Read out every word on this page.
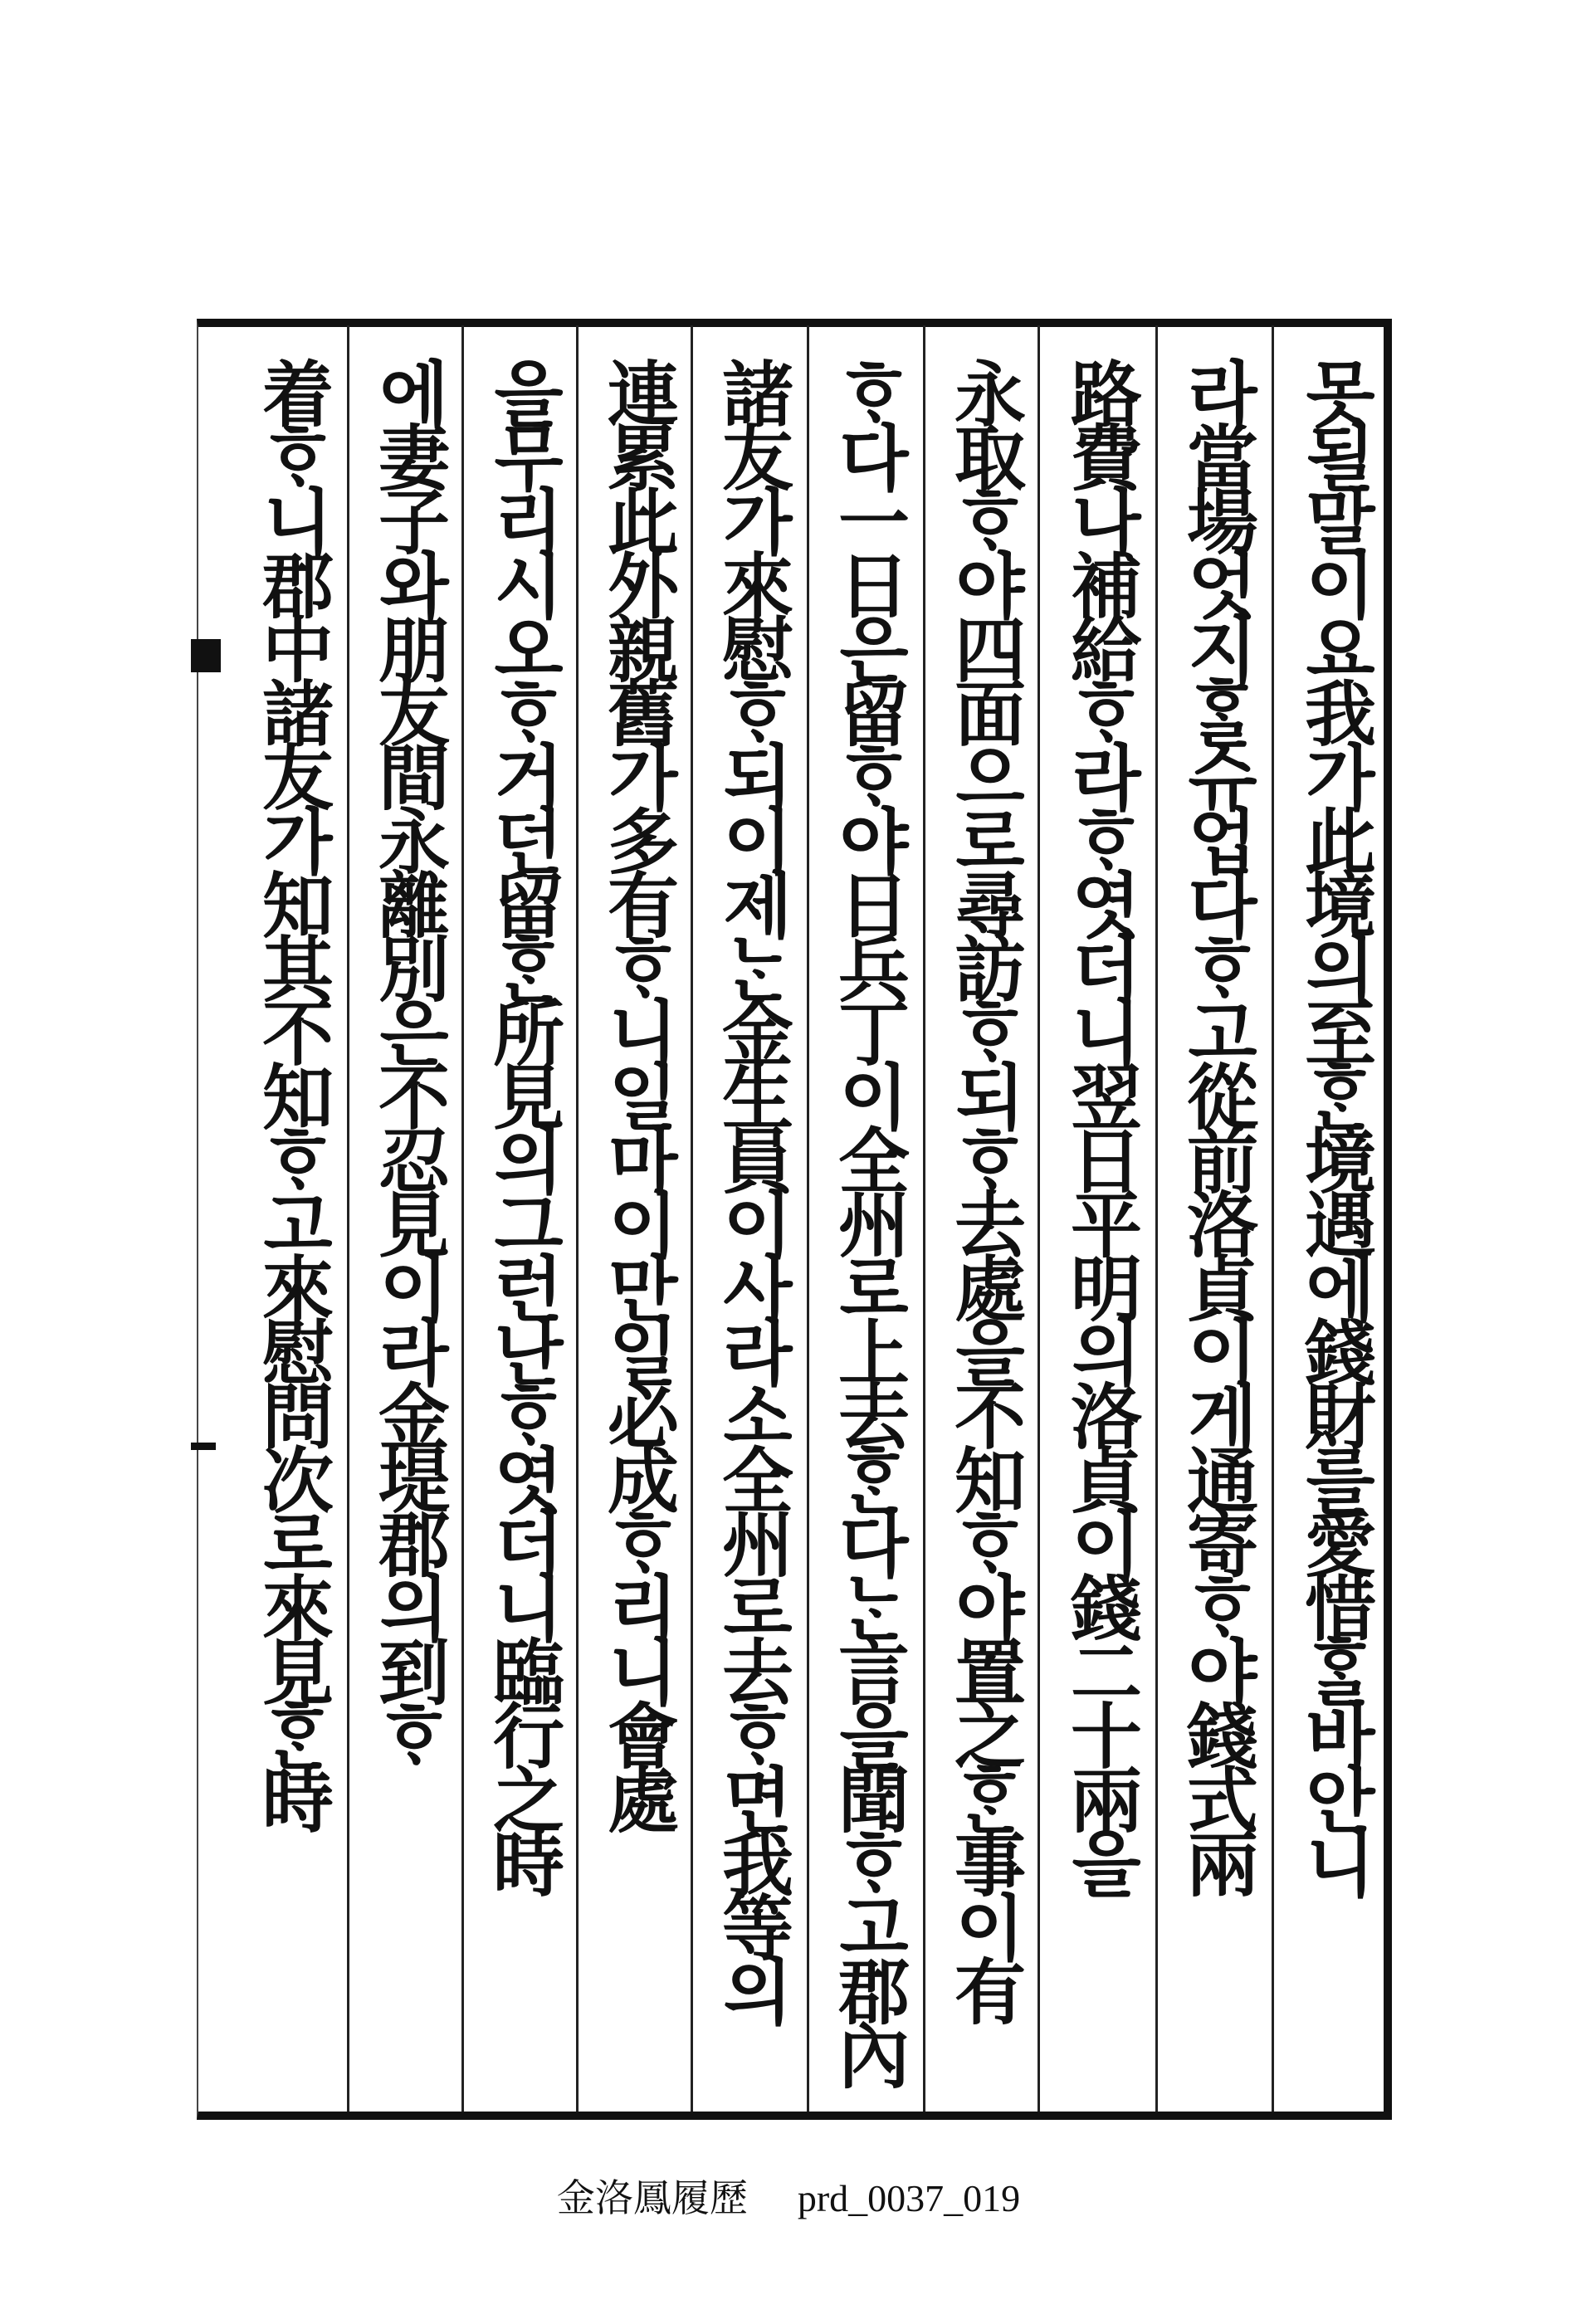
못될말이요我가此境의至ᄒᆞᆫ境遇에錢財를愛惜ᄒᆞᆯ바안니
라當場엇지ᄒᆞᆯ슈업다ᄒᆞ고從前洛貞이게通寄ᄒᆞ야錢式兩
路費나補給ᄒᆞ라ᄒᆞ엿더니翌日平明의洛貞이錢二十兩을
永取ᄒᆞ야四面으로尋訪ᄒᆞ되ᄒᆞ去處을不知ᄒᆞ야置之ᄒᆞᆫ事이有
ᄒᆞ다一日은留ᄒᆞ야日兵丁이全州로上去ᄒᆞᆫ다ᄂᆞᆫ言을聞ᄒᆞ고郡內
諸友가來慰ᄒᆞ되이제ᄂᆞᆫ金生員이사라소全州로去ᄒᆞ면我等의
連累此外親舊가多有ᄒᆞ니일마이만일必成ᄒᆞ리니會處
을무리시오ᄒᆞ거던留ᄒᆞᆫ所見의그런난ᄒᆞ엿더니臨行之時
에妻子와朋友間永離別은不忍見이라金堤郡의到ᄒᆞ
着ᄒᆞ니郡中諸友가知其不知ᄒᆞ고來慰問次로來見ᄒᆞᆫ時
金洛鳳履歷 prd_0037_019
